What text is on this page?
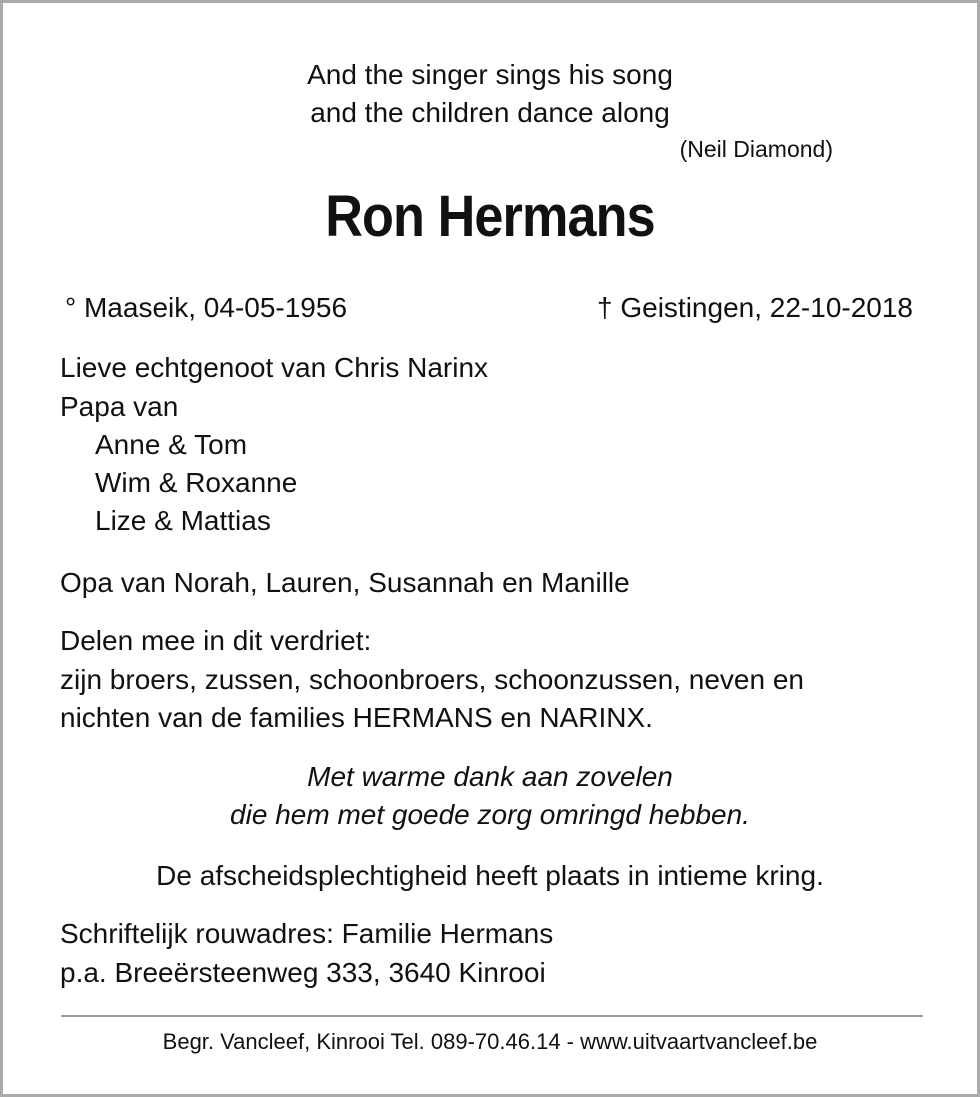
And the singer sings his song

and the children dance along

(Neil Diamond)

Ron Hermans

° Maaseik, 04-05-1956	† Geistingen, 22-10-2018

Lieve echtgenoot van Chris Narinx

Papa van

Anne & Tom

Wim & Roxanne

Lize & Mattias

Opa van Norah, Lauren, Susannah en Manille

Delen mee in dit verdriet:

zijn broers, zussen, schoonbroers, schoonzussen, neven en

nichten van de families HERMANS en NARINX.

Met warme dank aan zovelen

die hem met goede zorg omringd hebben.

De afscheidsplechtigheid heeft plaats in intieme kring.

Schriftelijk rouwadres: Familie Hermans

p.a. Breeërsteenweg 333, 3640 Kinrooi

Begr. Vancleef, Kinrooi Tel. 089-70.46.14 - www.uitvaartvancleef.be
